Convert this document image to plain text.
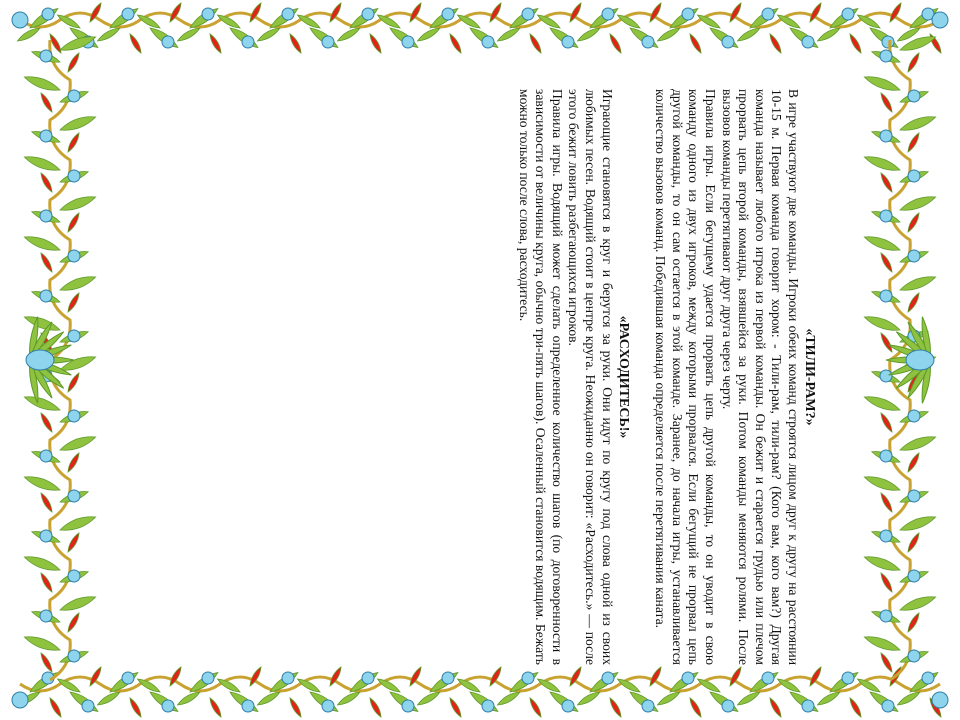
«ТИЛИ-РАМ?»

В игре участвуют две команды. Игроки обеих команд строятся лицом друг к другу на расстоянии 10-15 м. Первая команда говорит хором: - Тили-рам, тили-рам? (Кого вам, кого вам?) Другая команда называет любого игрока из первой команды. Он бежит и старается грудью или плечом прорвать цепь второй команды, взявшейся за руки. Потом команды меняются ролями. После вызовов команды перетягивают друг друга через черту.

Правила игры. Если бегущему удается прорвать цепь другой команды, то он уводит в свою команду одного из двух игроков, между которыми прорвался. Если бегущий не прорвал цепь другой команды, то он сам остается в этой команде. Заранее, до начала игры, устанавливается количество вызовов команд. Победившая команда определяется после перетягивания каната.

«РАСХОДИТЕСЬ!»

Играющие становятся в круг и берутся за руки. Они идут по кругу под слова одной из своих любимых песен. Водящий стоит в центре круга. Неожиданно он говорит: «Расходитесь.» — после этого бежит ловить разбегающихся игроков.

Правила игры. Водящий может сделать определенное количество шагов (по договоренности в зависимости от величины круга, обычно три-пять шагов). Осаленный становится водящим. Бежать можно только после слова, расходитесь.
